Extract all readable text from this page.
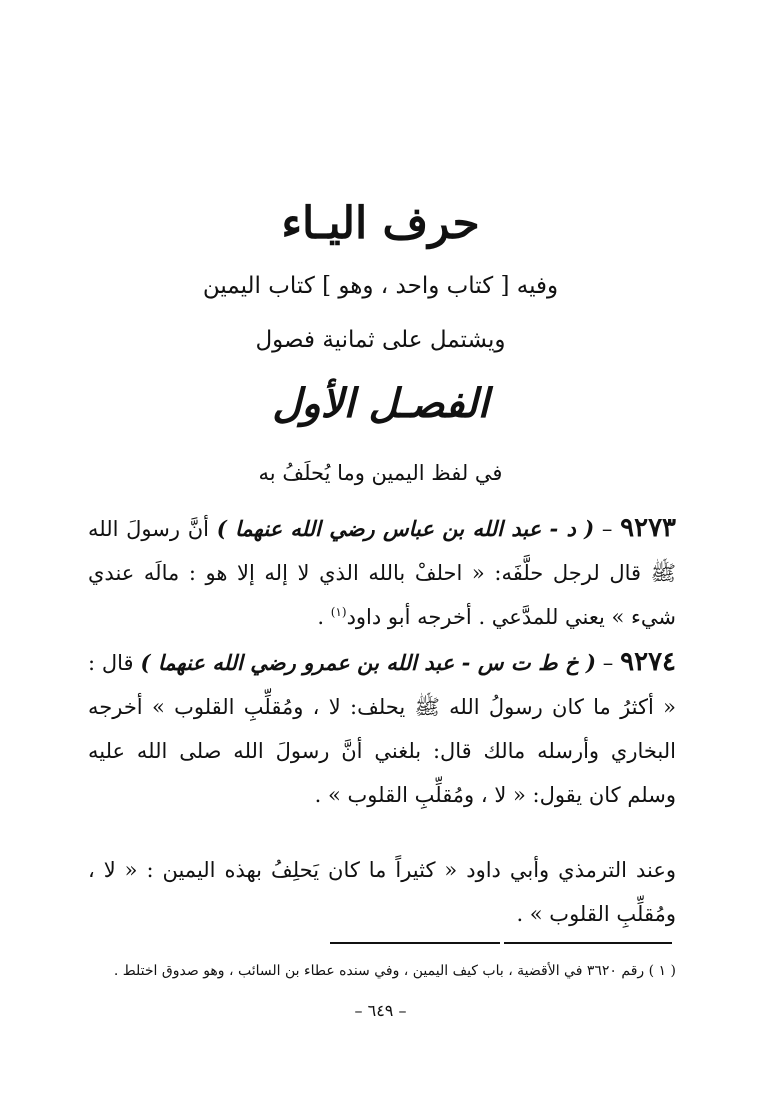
حرف اليـاء
وفيه [ كتاب واحد ، وهو ] كتاب اليمين
ويشتمل على ثمانية فصول
الفصـل الأول
في لفظ اليمين وما يُحلَفُ به
٩٢٧٣ – ( د - عبد الله بن عباس رضي الله عنهما ) أنَّ رسولَ الله ﷺ قال لرجل حلَّفَه: « احلفْ بالله الذي لا إله إلا هو : مالَه عندي شيء » يعني للمدَّعي . أخرجه أبو داود$^{(١)}$ .
٩٢٧٤ – ( خ ط ت س - عبد الله بن عمرو رضي الله عنهما ) قال : « أكثرُ ما كان رسولُ الله ﷺ يحلف: لا ، ومُقلِّبِ القلوب » أخرجه البخاري وأرسله مالك قال: بلغني أنَّ رسولَ الله صلى الله عليه وسلم كان يقول: « لا ، ومُقلِّبِ القلوب » .
وعند الترمذي وأبي داود « كثيراً ما كان يَحلِفُ بهذه اليمين : « لا ، ومُقلِّبِ القلوب » .
( ١ ) رقم ٣٦٢٠ في الأقضية ، باب كيف اليمين ، وفي سنده عطاء بن السائب ، وهو صدوق اختلط .
– ٦٤٩ –
